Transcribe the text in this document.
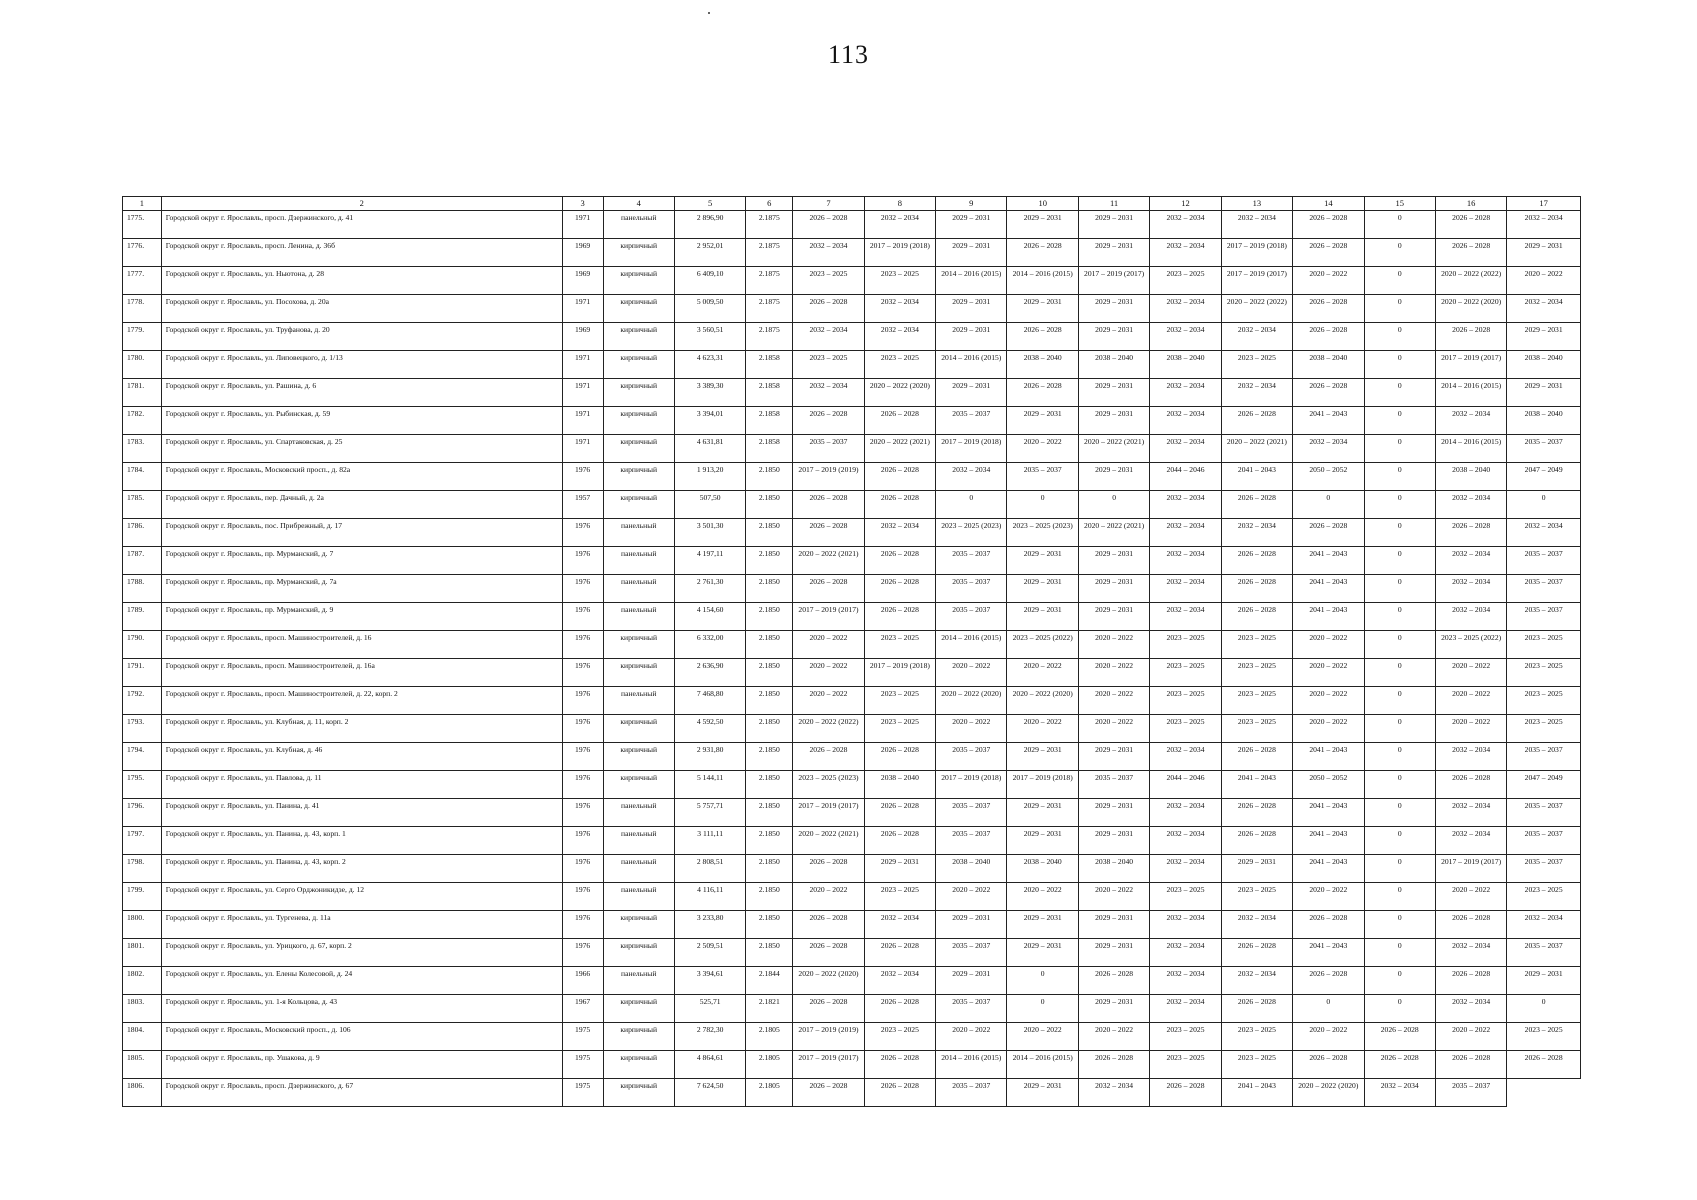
113
1	2	3	4	5	6	7	8	9	10	11	12	13	14	15	16	17
1775.	Городской округ г. Ярославль, просп. Дзержинского, д. 41	1971	панельный	2 896,90	2.1875	2026 – 2028	2032 – 2034	2029 – 2031	2029 – 2031	2029 – 2031	2032 – 2034	2032 – 2034	2026 – 2028	0	2026 – 2028	2032 – 2034
1776.	Городской округ г. Ярославль, просп. Ленина, д. 36б	1969	кирпичный	2 952,01	2.1875	2032 – 2034	2017 – 2019 (2018)	2029 – 2031	2026 – 2028	2029 – 2031	2032 – 2034	2017 – 2019 (2018)	2026 – 2028	0	2026 – 2028	2029 – 2031
1777.	Городской округ г. Ярославль, ул. Ньютона, д. 28	1969	кирпичный	6 409,10	2.1875	2023 – 2025	2023 – 2025	2014 – 2016 (2015)	2014 – 2016 (2015)	2017 – 2019 (2017)	2023 – 2025	2017 – 2019 (2017)	2020 – 2022	0	2020 – 2022 (2022)	2020 – 2022
1778.	Городской округ г. Ярославль, ул. Посохова, д. 20а	1971	кирпичный	5 009,50	2.1875	2026 – 2028	2032 – 2034	2029 – 2031	2029 – 2031	2029 – 2031	2032 – 2034	2020 – 2022 (2022)	2026 – 2028	0	2020 – 2022 (2020)	2032 – 2034
1779.	Городской округ г. Ярославль, ул. Труфанова, д. 20	1969	кирпичный	3 560,51	2.1875	2032 – 2034	2032 – 2034	2029 – 2031	2026 – 2028	2029 – 2031	2032 – 2034	2032 – 2034	2026 – 2028	0	2026 – 2028	2029 – 2031
1780.	Городской округ г. Ярославль, ул. Липовецкого, д. 1/13	1971	кирпичный	4 623,31	2.1858	2023 – 2025	2023 – 2025	2014 – 2016 (2015)	2038 – 2040	2038 – 2040	2038 – 2040	2023 – 2025	2038 – 2040	0	2017 – 2019 (2017)	2038 – 2040
1781.	Городской округ г. Ярославль, ул. Рашина, д. 6	1971	кирпичный	3 389,30	2.1858	2032 – 2034	2020 – 2022 (2020)	2029 – 2031	2026 – 2028	2029 – 2031	2032 – 2034	2032 – 2034	2026 – 2028	0	2014 – 2016 (2015)	2029 – 2031
1782.	Городской округ г. Ярославль, ул. Рыбинская, д. 59	1971	кирпичный	3 394,01	2.1858	2026 – 2028	2026 – 2028	2035 – 2037	2029 – 2031	2029 – 2031	2032 – 2034	2026 – 2028	2041 – 2043	0	2032 – 2034	2038 – 2040
1783.	Городской округ г. Ярославль, ул. Спартаковская, д. 25	1971	кирпичный	4 631,81	2.1858	2035 – 2037	2020 – 2022 (2021)	2017 – 2019 (2018)	2020 – 2022	2020 – 2022 (2021)	2032 – 2034	2020 – 2022 (2021)	2032 – 2034	0	2014 – 2016 (2015)	2035 – 2037
1784.	Городской округ г. Ярославль, Московский просп., д. 82а	1976	кирпичный	1 913,20	2.1850	2017 – 2019 (2019)	2026 – 2028	2032 – 2034	2035 – 2037	2029 – 2031	2044 – 2046	2041 – 2043	2050 – 2052	0	2038 – 2040	2047 – 2049
1785.	Городской округ г. Ярославль, пер. Дачный, д. 2а	1957	кирпичный	507,50	2.1850	2026 – 2028	2026 – 2028	0	0	0	2032 – 2034	2026 – 2028	0	0	2032 – 2034	0
1786.	Городской округ г. Ярославль, пос. Прибрежный, д. 17	1976	панельный	3 501,30	2.1850	2026 – 2028	2032 – 2034	2023 – 2025 (2023)	2023 – 2025 (2023)	2020 – 2022 (2021)	2032 – 2034	2032 – 2034	2026 – 2028	0	2026 – 2028	2032 – 2034
1787.	Городской округ г. Ярославль, пр. Мурманский, д. 7	1976	панельный	4 197,11	2.1850	2020 – 2022 (2021)	2026 – 2028	2035 – 2037	2029 – 2031	2029 – 2031	2032 – 2034	2026 – 2028	2041 – 2043	0	2032 – 2034	2035 – 2037
1788.	Городской округ г. Ярославль, пр. Мурманский, д. 7а	1976	панельный	2 761,30	2.1850	2026 – 2028	2026 – 2028	2035 – 2037	2029 – 2031	2029 – 2031	2032 – 2034	2026 – 2028	2041 – 2043	0	2032 – 2034	2035 – 2037
1789.	Городской округ г. Ярославль, пр. Мурманский, д. 9	1976	панельный	4 154,60	2.1850	2017 – 2019 (2017)	2026 – 2028	2035 – 2037	2029 – 2031	2029 – 2031	2032 – 2034	2026 – 2028	2041 – 2043	0	2032 – 2034	2035 – 2037
1790.	Городской округ г. Ярославль, просп. Машиностроителей, д. 16	1976	кирпичный	6 332,00	2.1850	2020 – 2022	2023 – 2025	2014 – 2016 (2015)	2023 – 2025 (2022)	2020 – 2022	2023 – 2025	2023 – 2025	2020 – 2022	0	2023 – 2025 (2022)	2023 – 2025
1791.	Городской округ г. Ярославль, просп. Машиностроителей, д. 16а	1976	кирпичный	2 636,90	2.1850	2020 – 2022	2017 – 2019 (2018)	2020 – 2022	2020 – 2022	2020 – 2022	2023 – 2025	2023 – 2025	2020 – 2022	0	2020 – 2022	2023 – 2025
1792.	Городской округ г. Ярославль, просп. Машиностроителей, д. 22, корп. 2	1976	панельный	7 468,80	2.1850	2020 – 2022	2023 – 2025	2020 – 2022 (2020)	2020 – 2022 (2020)	2020 – 2022	2023 – 2025	2023 – 2025	2020 – 2022	0	2020 – 2022	2023 – 2025
1793.	Городской округ г. Ярославль, ул. Клубная, д. 11, корп. 2	1976	кирпичный	4 592,50	2.1850	2020 – 2022 (2022)	2023 – 2025	2020 – 2022	2020 – 2022	2020 – 2022	2023 – 2025	2023 – 2025	2020 – 2022	0	2020 – 2022	2023 – 2025
1794.	Городской округ г. Ярославль, ул. Клубная, д. 46	1976	кирпичный	2 931,80	2.1850	2026 – 2028	2026 – 2028	2035 – 2037	2029 – 2031	2029 – 2031	2032 – 2034	2026 – 2028	2041 – 2043	0	2032 – 2034	2035 – 2037
1795.	Городской округ г. Ярославль, ул. Павлова, д. 11	1976	кирпичный	5 144,11	2.1850	2023 – 2025 (2023)	2038 – 2040	2017 – 2019 (2018)	2017 – 2019 (2018)	2035 – 2037	2044 – 2046	2041 – 2043	2050 – 2052	0	2026 – 2028	2047 – 2049
1796.	Городской округ г. Ярославль, ул. Панина, д. 41	1976	панельный	5 757,71	2.1850	2017 – 2019 (2017)	2026 – 2028	2035 – 2037	2029 – 2031	2029 – 2031	2032 – 2034	2026 – 2028	2041 – 2043	0	2032 – 2034	2035 – 2037
1797.	Городской округ г. Ярославль, ул. Панина, д. 43, корп. 1	1976	панельный	3 111,11	2.1850	2020 – 2022 (2021)	2026 – 2028	2035 – 2037	2029 – 2031	2029 – 2031	2032 – 2034	2026 – 2028	2041 – 2043	0	2032 – 2034	2035 – 2037
1798.	Городской округ г. Ярославль, ул. Панина, д. 43, корп. 2	1976	панельный	2 808,51	2.1850	2026 – 2028	2029 – 2031	2038 – 2040	2038 – 2040	2038 – 2040	2032 – 2034	2029 – 2031	2041 – 2043	0	2017 – 2019 (2017)	2035 – 2037
1799.	Городской округ г. Ярославль, ул. Серго Орджоникидзе, д. 12	1976	панельный	4 116,11	2.1850	2020 – 2022	2023 – 2025	2020 – 2022	2020 – 2022	2020 – 2022	2023 – 2025	2023 – 2025	2020 – 2022	0	2020 – 2022	2023 – 2025
1800.	Городской округ г. Ярославль, ул. Тургенева, д. 11а	1976	кирпичный	3 233,80	2.1850	2026 – 2028	2032 – 2034	2029 – 2031	2029 – 2031	2029 – 2031	2032 – 2034	2032 – 2034	2026 – 2028	0	2026 – 2028	2032 – 2034
1801.	Городской округ г. Ярославль, ул. Урицкого, д. 67, корп. 2	1976	кирпичный	2 509,51	2.1850	2026 – 2028	2026 – 2028	2035 – 2037	2029 – 2031	2029 – 2031	2032 – 2034	2026 – 2028	2041 – 2043	0	2032 – 2034	2035 – 2037
1802.	Городской округ г. Ярославль, ул. Елены Колесовой, д. 24	1966	панельный	3 394,61	2.1844	2020 – 2022 (2020)	2032 – 2034	2029 – 2031	0	2026 – 2028	2032 – 2034	2032 – 2034	2026 – 2028	0	2026 – 2028	2029 – 2031
1803.	Городской округ г. Ярославль, ул. 1-я Кольцова, д. 43	1967	кирпичный	525,71	2.1821	2026 – 2028	2026 – 2028	2035 – 2037	0	2029 – 2031	2032 – 2034	2026 – 2028	0	0	2032 – 2034	0
1804.	Городской округ г. Ярославль, Московский просп., д. 106	1975	кирпичный	2 782,30	2.1805	2017 – 2019 (2019)	2023 – 2025	2020 – 2022	2020 – 2022	2020 – 2022	2023 – 2025	2023 – 2025	2020 – 2022	2026 – 2028	2020 – 2022	2023 – 2025
1805.	Городской округ г. Ярославль, пр. Ушакова, д. 9	1975	кирпичный	4 864,61	2.1805	2017 – 2019 (2017)	2026 – 2028	2014 – 2016 (2015)	2014 – 2016 (2015)	2026 – 2028	2023 – 2025	2023 – 2025	2026 – 2028	2026 – 2028	2026 – 2028	2026 – 2028
1806.	Городской округ г. Ярославль, просп. Дзержинского, д. 67	1975	кирпичный	7 624,50	2.1805	2026 – 2028	2026 – 2028	2035 – 2037	2029 – 2031	2032 – 2034	2026 – 2028	2041 – 2043	2020 – 2022 (2020)	2032 – 2034	2035 – 2037	
